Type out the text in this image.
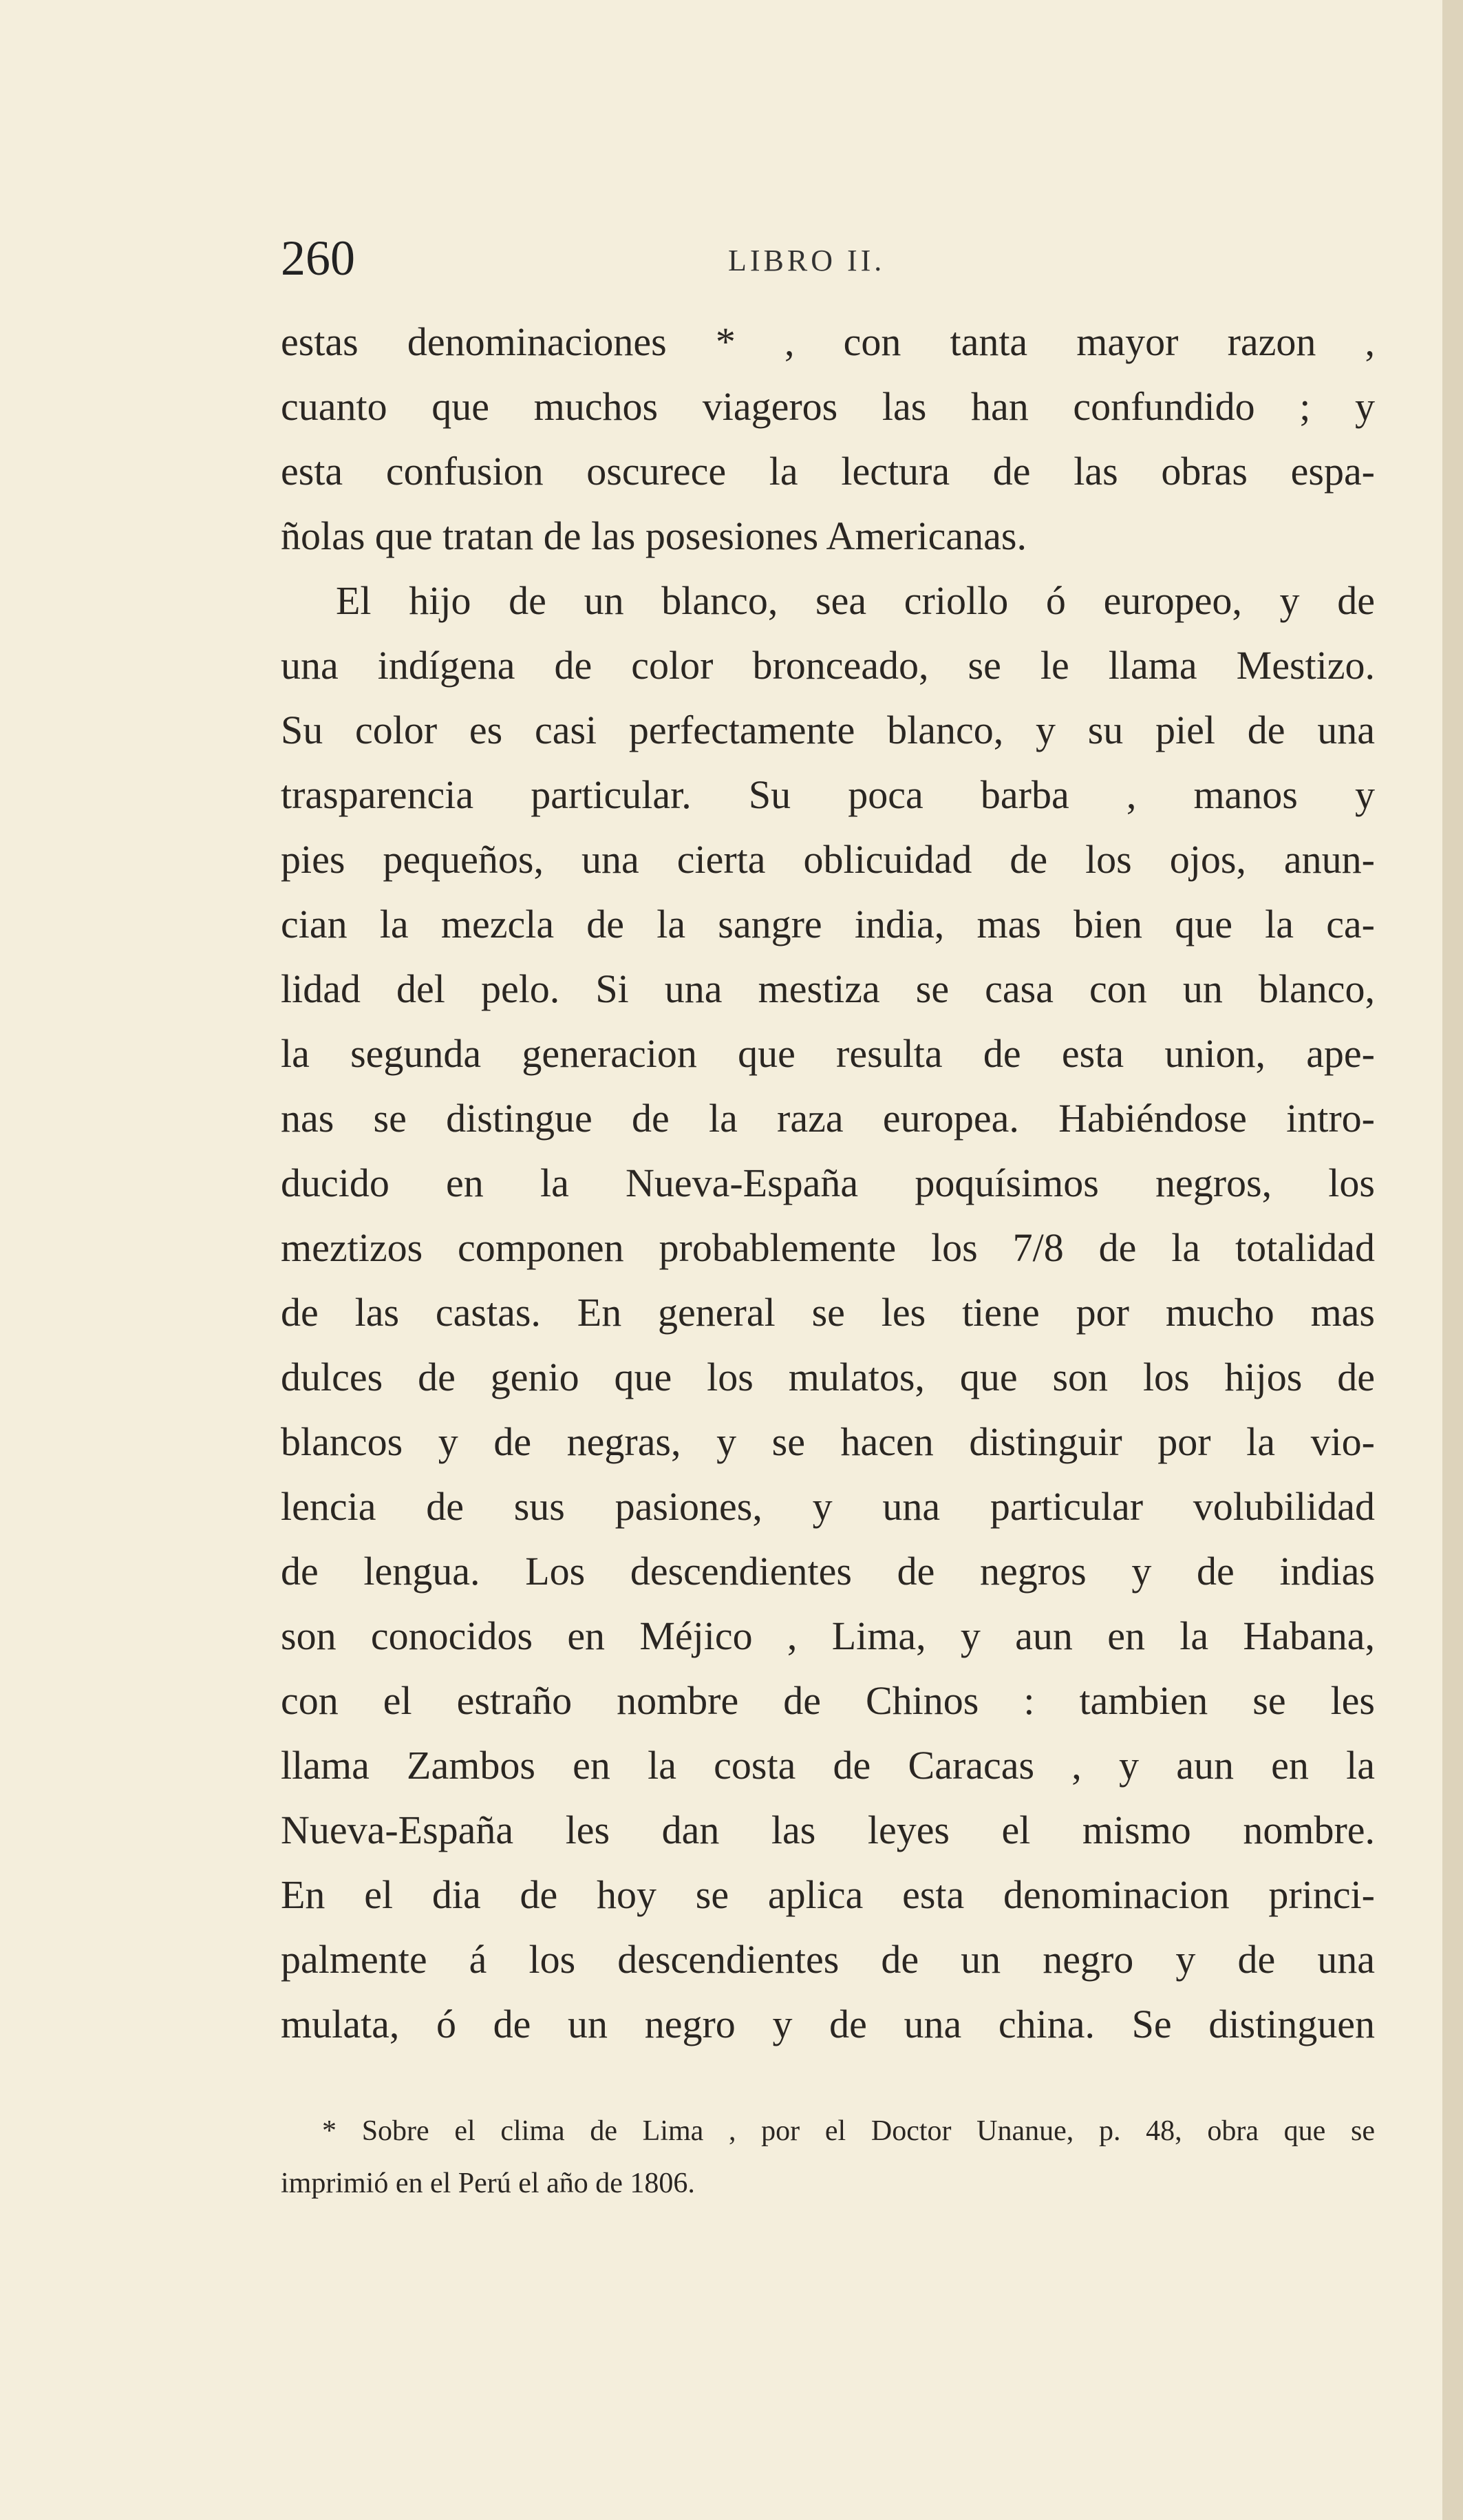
260	LIBRO II.
estas denominaciones * , con tanta mayor razon ,
cuanto que muchos viageros las han confundido ; y
esta confusion oscurece la lectura de las obras espa-
ñolas que tratan de las posesiones Americanas.
El hijo de un blanco, sea criollo ó europeo, y de
una indígena de color bronceado, se le llama Mestizo.
Su color es casi perfectamente blanco, y su piel de una
trasparencia particular. Su poca barba , manos y
pies pequeños, una cierta oblicuidad de los ojos, anun-
cian la mezcla de la sangre india, mas bien que la ca-
lidad del pelo. Si una mestiza se casa con un blanco,
la segunda generacion que resulta de esta union, ape-
nas se distingue de la raza europea. Habiéndose intro-
ducido en la Nueva-España poquísimos negros, los
meztizos componen probablemente los 7/8 de la totalidad
de las castas. En general se les tiene por mucho mas
dulces de genio que los mulatos, que son los hijos de
blancos y de negras, y se hacen distinguir por la vio-
lencia de sus pasiones, y una particular volubilidad
de lengua. Los descendientes de negros y de indias
son conocidos en Méjico , Lima, y aun en la Habana,
con el estraño nombre de Chinos : tambien se les
llama Zambos en la costa de Caracas , y aun en la
Nueva-España les dan las leyes el mismo nombre.
En el dia de hoy se aplica esta denominacion princi-
palmente á los descendientes de un negro y de una
mulata, ó de un negro y de una china. Se distinguen
* Sobre el clima de Lima , por el Doctor Unanue, p. 48, obra que se
imprimió en el Perú el año de 1806.
